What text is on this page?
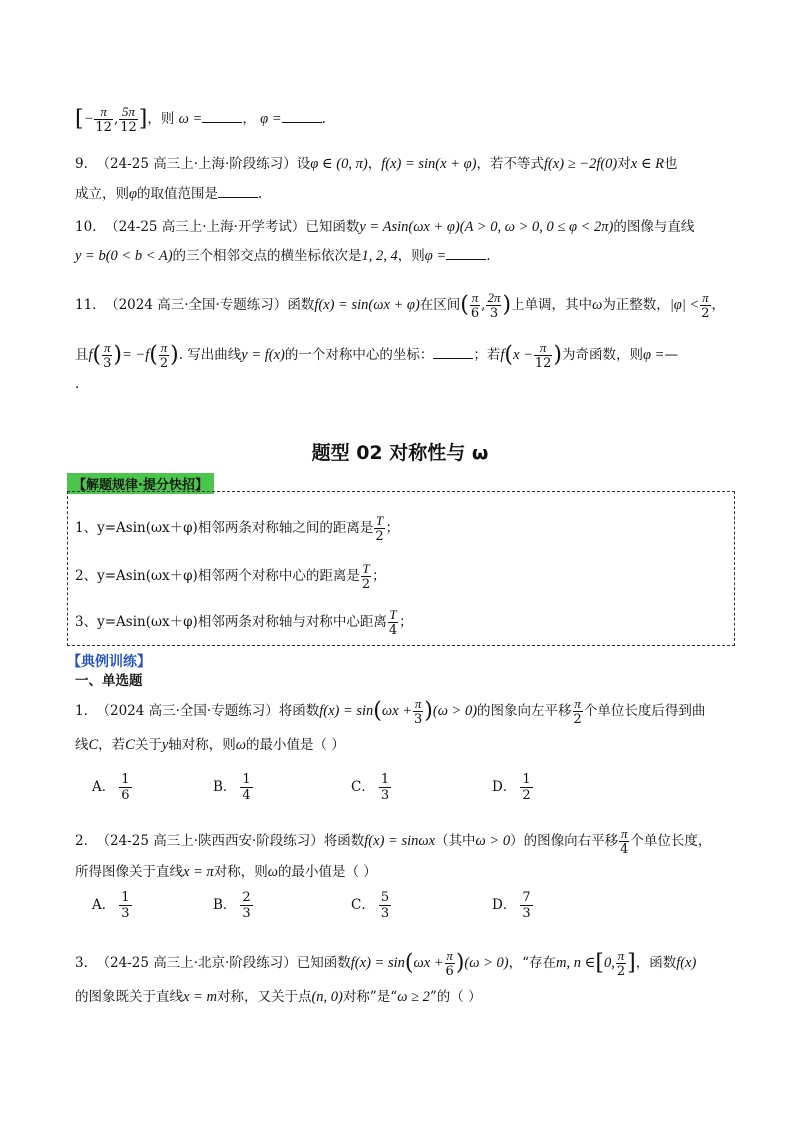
[− $\frac{\pi}{12}$ , $\frac{5\pi}{12}$ ]，则 ω =	， φ =	.
9. （24-25 高三上·上海·阶段练习）设φ ∈ (0, π)，f(x) = sin(x + φ)，若不等式f(x) ≥ −2f(0)对x ∈ R也
成立，则φ的取值范围是	.
10. （24-25 高三上·上海·开学考试）已知函数y = Asin(ωx + φ)(A > 0, ω > 0, 0 ≤ φ < 2π)的图像与直线
y = b(0 < b < A)的三个相邻交点的横坐标依次是1, 2, 4，则φ =	.
11. （2024 高三·全国·专题练习）函数f(x) = sin(ωx + φ)在区间( $\frac{\pi}{6}$ , $\frac{2\pi}{3}$ )上单调，其中ω为正整数，$|\varphi| < \frac{\pi}{2}$ ，
且$f( \frac{\pi}{3}$ )= $-f( \frac{\pi}{2}$ ). 写出曲线y = f(x)的一个对称中心的坐标：	；若$f(x - \frac{\pi}{12}$ )为奇函数，则φ =—
.
题型 02 对称性与 ω
【解题规律·提分快招】
1、y=Asin(ωx＋φ)相邻两条对称轴之间的距离是 $\frac{T}{2}$ ；
2、y=Asin(ωx＋φ)相邻两个对称中心的距离是 $\frac{T}{2}$ ；
3、y=Asin(ωx＋φ)相邻两条对称轴与对称中心距离 $\frac{T}{4}$ ；
【典例训练】
一、单选题
1. （2024 高三·全国·专题练习）将函数$f(x) = \sin(\omega x + \frac{\pi}{3} )(\omega > 0)$的图象向左平移 $\frac{\pi}{2}$ 个单位长度后得到曲
线C，若C关于y轴对称，则ω的最小值是（ ）
A． $\frac{1}{6}$	B． $\frac{1}{4}$	C． $\frac{1}{3}$	D． $\frac{1}{2}$
2. （24-25 高三上·陕西西安·阶段练习）将函数f(x) = sinωx（其中ω > 0）的图像向右平移 $\frac{\pi}{4}$ 个单位长度，
所得图像关于直线x = π对称，则ω的最小值是（ ）
A． $\frac{1}{3}$	B． $\frac{2}{3}$	C． $\frac{5}{3}$	D． $\frac{7}{3}$
3. （24-25 高三上·北京·阶段练习）已知函数$f(x) = \sin(\omega x + \frac{\pi}{6} )(\omega > 0)$，“存在m, n ∈[0, $\frac{\pi}{2}$ ]，函数f(x)
的图象既关于直线x = m对称，又关于点(n, 0)对称”是“ω ≥ 2”的（ ）
